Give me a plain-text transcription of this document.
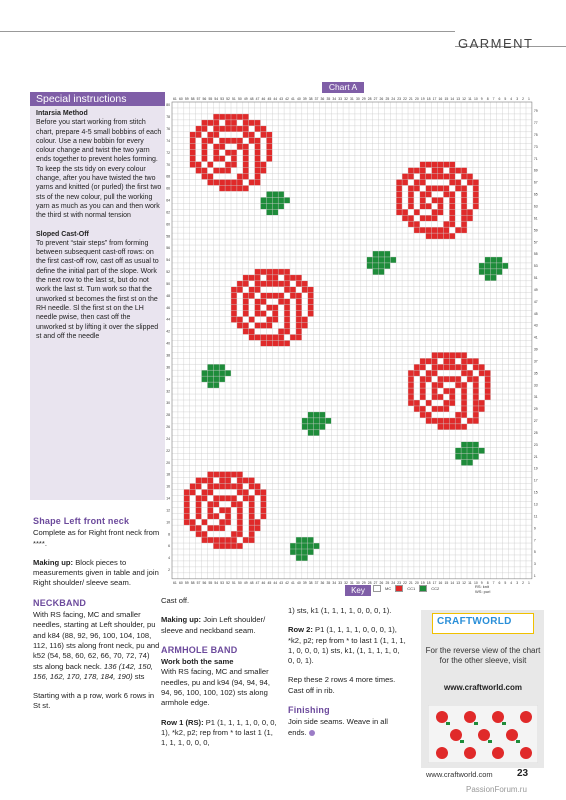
GARMENT
Special instructions
Intarsia Method

Before you start working from stitch chart, prepare 4-5 small bobbins of each colour. Use a new bobbin for every colour change and twist the two yarn ends together to prevent holes forming. To keep the sts tidy on every colour change, after you have twisted the two yarns and knitted (or purled) the first two sts of the new colour, pull the working yarn as much as you can and then work the third st with normal tension

Sloped Cast-Off

To prevent “stair steps” from forming between subsequent cast-off rows: on the first cast-off row, cast off as usual to define the initial part of the slope. Work the next row to the last st, but do not work the last st. Turn work so that the unworked st becomes the first st on the RH needle. Sl the first st on the LH needle pwise, then cast off the unworked st by lifting it over the slipped st and off the needle

Chart A
61
61
60
60
59
59
58
58
57
57
56
56
55
55
54
54
53
53
52
52
51
51
50
50
49
49
48
48
47
47
46
46
45
45
44
44
43
43
42
42
41
41
40
40
39
39
38
38
37
37
36
36
35
35
34
34
33
33
32
32
31
31
30
30
29
29
28
28
27
27
26
26
25
25
24
24
23
23
22
22
21
21
20
20
19
19
18
18
17
17
16
16
15
15
14
14
13
13
12
12
11
11
10
10
9
9
8
8
7
7
6
6
5
5
4
4
3
3
2
2
1
1
80
79
78
77
76
75
74
73
72
71
70
69
68
67
66
65
64
63
62
61
60
59
58
57
56
55
54
53
52
51
50
49
48
47
46
45
44
43
42
41
40
39
38
37
36
35
34
33
32
31
30
29
28
27
26
25
24
23
22
21
20
19
18
17
16
15
14
13
12
11
10
9
8
7
6
5
4
3
2
1
Key	MC	CC1	CC2	RS: knit
WS: purl
Shape Left front neck

Complete as for Right front neck from ****.

Making up: Block pieces to measurements given in table and join Right shoulder/ sleeve seam.

NECKBAND

With RS facing, MC and smaller needles, starting at Left shoulder, pu and k84 (88, 92, 96, 100, 104, 108, 112, 116) sts along front neck, pu and k52 (54, 58, 60, 62, 66, 70, 72, 74) sts along back neck. 136 (142, 150, 156, 162, 170, 178, 184, 190) sts

Starting with a p row, work 6 rows in St st.

Cast off.

Making up: Join Left shoulder/ sleeve and neckband seam.

ARMHOLE BAND
Work both the same

With RS facing, MC and smaller needles, pu and k94 (94, 94, 94, 94, 96, 100, 100, 102) sts along armhole edge.

Row 1 (RS): P1 (1, 1, 1, 1, 0, 0, 0, 1), *k2, p2; rep from * to last 1 (1, 1, 1, 1, 0, 0, 0,

1) sts, k1 (1, 1, 1, 1, 0, 0, 0, 1).

Row 2: P1 (1, 1, 1, 1, 0, 0, 0, 1), *k2, p2; rep from * to last 1 (1, 1, 1, 1, 0, 0, 0, 1) sts, k1, (1, 1, 1, 1, 0, 0, 0, 1).

Rep these 2 rows 4 more times.

Cast off in rib.

Finishing

Join side seams. Weave in all ends.

CRAFTWORLD
For the reverse view of the chart for the other sleeve, visit
www.craftworld.com
www.craftworld.com 23
PassionForum.ru
